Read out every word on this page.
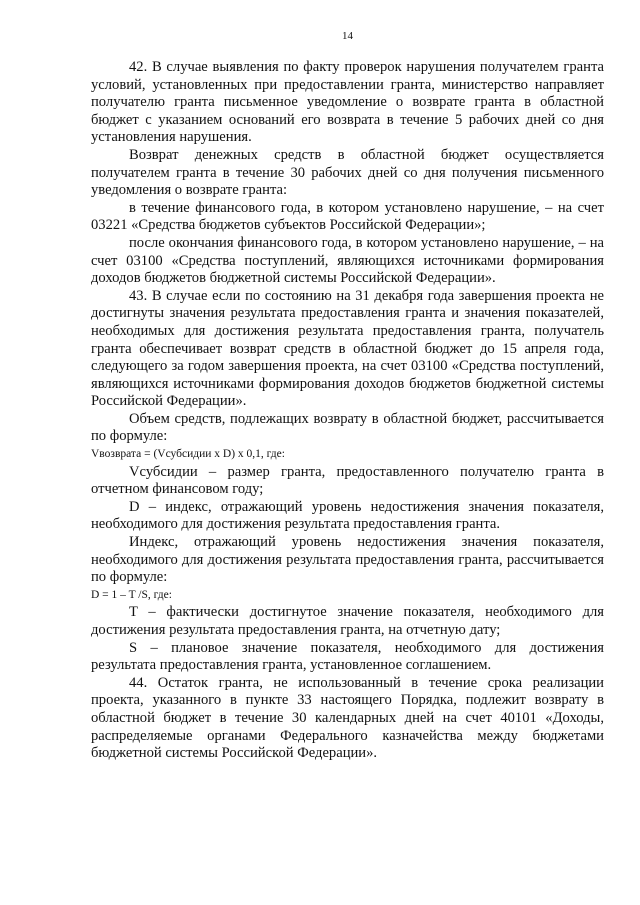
14

42. В случае выявления по факту проверок нарушения получателем гранта условий, установленных при предоставлении гранта, министерство направляет получателю гранта письменное уведомление о возврате гранта в областной бюджет с указанием оснований его возврата в течение 5 рабочих дней со дня установления нарушения.

Возврат денежных средств в областной бюджет осуществляется получателем гранта в течение 30 рабочих дней со дня получения письменного уведомления о возврате гранта:

в течение финансового года, в котором установлено нарушение, – на счет 03221 «Средства бюджетов субъектов Российской Федерации»;

после окончания финансового года, в котором установлено нарушение, – на счет 03100 «Средства поступлений, являющихся источниками формирования доходов бюджетов бюджетной системы Российской Федерации».

43. В случае если по состоянию на 31 декабря года завершения проекта не достигнуты значения результата предоставления гранта и значения показателей, необходимых для достижения результата предоставления гранта, получатель гранта обеспечивает возврат средств в областной бюджет до 15 апреля года, следующего за годом завершения проекта, на счет 03100 «Средства поступлений, являющихся источниками формирования доходов бюджетов бюджетной системы Российской Федерации».

Объем средств, подлежащих возврату в областной бюджет, рассчитывается по формуле:

Vвозврата = (Vсубсидии x D) x 0,1, где:

Vсубсидии – размер гранта, предоставленного получателю гранта в отчетном финансовом году;

D – индекс, отражающий уровень недостижения значения показателя, необходимого для достижения результата предоставления гранта.

Индекс, отражающий уровень недостижения значения показателя, необходимого для достижения результата предоставления гранта, рассчитывается по формуле:

D = 1 – T /S, где:

T – фактически достигнутое значение показателя, необходимого для достижения результата предоставления гранта, на отчетную дату;

S – плановое значение показателя, необходимого для достижения результата предоставления гранта, установленное соглашением.

44. Остаток гранта, не использованный в течение срока реализации проекта, указанного в пункте 33 настоящего Порядка, подлежит возврату в областной бюджет в течение 30 календарных дней на счет 40101 «Доходы, распределяемые органами Федерального казначейства между бюджетами бюджетной системы Российской Федерации».
